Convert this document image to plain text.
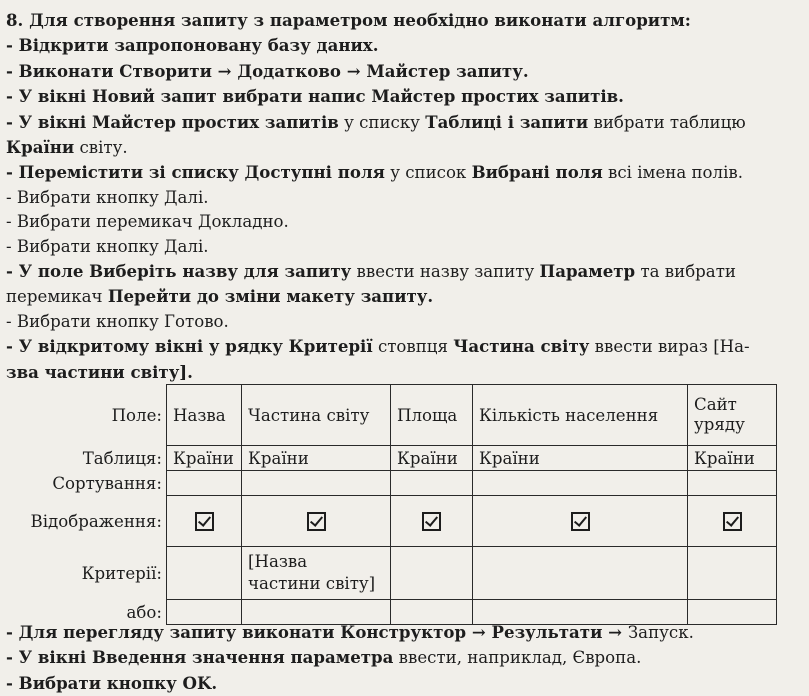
8. Для створення запиту з параметром необхідно виконати алгоритм:

- Відкрити запропоновану базу даних.

- Виконати Створити → Додатково → Майстер запиту.

- У вікні Новий запит вибрати напис Майстер простих запитів.

- У вікні Майстер простих запитів у списку Таблиці і запити вибрати таблицю

Країни світу.

- Перемістити зі списку Доступні поля у список Вибрані поля всі імена полів.

- Вибрати кнопку Далі.

- Вибрати перемикач Докладно.

- Вибрати кнопку Далі.

- У поле Виберіть назву для запиту ввести назву запиту Параметр та вибрати

перемикач Перейти до зміни макету запиту.

- Вибрати кнопку Готово.

- У відкритому вікні у рядку Критерії стовпця Частина світу ввести вираз [На-

зва частини світу].

Поле:	Назва	Частина світу	Площа	Кількість населення	Сайт уряду
Таблиця:	Країни	Країни	Країни	Країни	Країни
Сортування:					
Відображення:					
Критерії:		[Назва частини світу]			
або:					

- Для перегляду запиту виконати Конструктор → Результати → Запуск.

- У вікні Введення значення параметра ввести, наприклад, Європа.

- Вибрати кнопку OK.
